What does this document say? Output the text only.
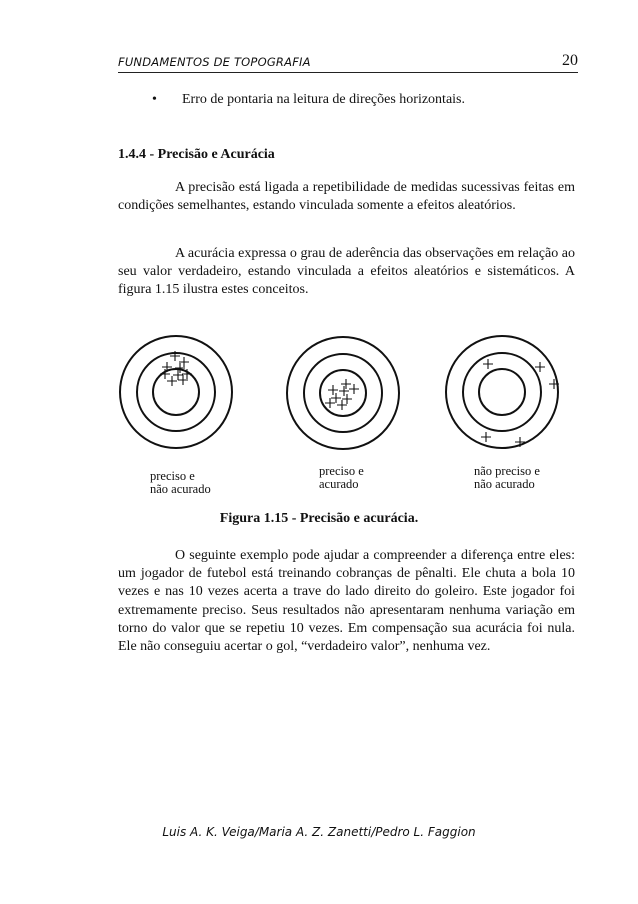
FUNDAMENTOS DE TOPOGRAFIA	20
• Erro de pontaria na leitura de direções horizontais.
1.4.4 - Precisão e Acurácia

A precisão está ligada a repetibilidade de medidas sucessivas feitas em condições semelhantes, estando vinculada somente a efeitos aleatórios.

A acurácia expressa o grau de aderência das observações em relação ao seu valor verdadeiro, estando vinculada a efeitos aleatórios e sistemáticos. A figura 1.15 ilustra estes conceitos.

preciso e
não acurado
preciso e
acurado
não preciso e
não acurado
Figura 1.15 - Precisão e acurácia.

O seguinte exemplo pode ajudar a compreender a diferença entre eles: um jogador de futebol está treinando cobranças de pênalti. Ele chuta a bola 10 vezes e nas 10 vezes acerta a trave do lado direito do goleiro. Este jogador foi extremamente preciso. Seus resultados não apresentaram nenhuma variação em torno do valor que se repetiu 10 vezes. Em compensação sua acurácia foi nula. Ele não conseguiu acertar o gol, “verdadeiro valor”, nenhuma vez.

Luis A. K. Veiga/Maria A. Z. Zanetti/Pedro L. Faggion
